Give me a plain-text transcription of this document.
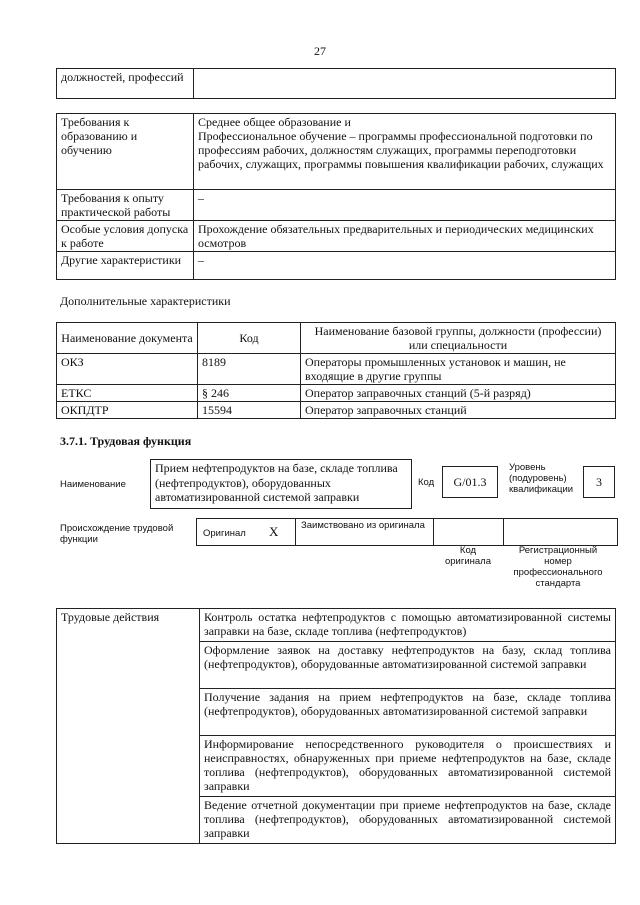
27
должностей, профессий	
Требования к образованию и обучению	Среднее общее образование и
Профессиональное обучение – программы профессиональной подготовки по профессиям рабочих, должностям служащих, программы переподготовки рабочих, служащих, программы повышения квалификации рабочих, служащих

Требования к опыту практической работы	–
Особые условия допуска к работе	Прохождение обязательных предварительных и периодических медицинских осмотров
Другие характеристики	–
Дополнительные характеристики
Наименование документа	Код	Наименование базовой группы, должности (профессии) или специальности
ОКЗ	8189	Операторы промышленных установок и машин, не входящие в другие группы
ЕТКС	§ 246	Оператор заправочных станций (5-й разряд)
ОКПДТР	15594	Оператор заправочных станций
3.7.1. Трудовая функция
Наименование
Прием нефтепродуктов на базе, складе топлива (нефтепродуктов), оборудованных автоматизированной системой заправки
Код	G/01.3
Уровень (подуровень) квалификации
3
Происхождение трудовой функции
Оригинал X Заимствовано из оригинала
Код оригинала
Регистрационный номер профессионального стандарта
Трудовые действия	Контроль остатка нефтепродуктов с помощью автоматизированной системы заправки на базе, складе топлива (нефтепродуктов)
Оформление заявок на доставку нефтепродуктов на базу, склад топлива (нефтепродуктов), оборудованные автоматизированной системой заправки
Получение задания на прием нефтепродуктов на базе, складе топлива (нефтепродуктов), оборудованных автоматизированной системой заправки
Информирование непосредственного руководителя о происшествиях и неисправностях, обнаруженных при приеме нефтепродуктов на базе, складе топлива (нефтепродуктов), оборудованных автоматизированной системой заправки
Ведение отчетной документации при приеме нефтепродуктов на базе, складе топлива (нефтепродуктов), оборудованных автоматизированной системой заправки
